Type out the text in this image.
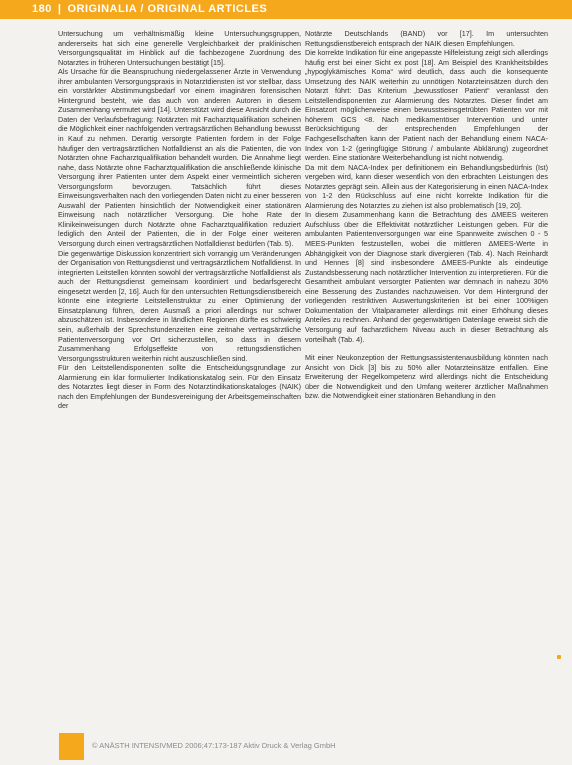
180 | ORIGINALIA / ORIGINAL ARTICLES

Untersuchung um verhältnismäßig kleine Untersuchungsgruppen, andererseits hat sich eine generelle Vergleichbarkeit der praklinischen Versorgungsqualität im Hinblick auf die fachbezogene Zuordnung des Notarztes in früheren Untersuchungen bestätigt [15].

Als Ursache für die Beanspruchung niedergelassener Ärzte in Verwendung ihrer ambulanten Versorgungspraxis in Notarztdiensten ist vor stellbar, dass ein vorstärkter Abstimmungsbedarf vor einem imaginären forensischen Hintergrund besteht, wie das auch von anderen Autoren in diesem Zusammenhang vermutet wird [14]. Unterstützt wird diese Ansicht durch die Daten der Verlaufsbefragung: Notärzten mit Facharztqualifikation scheinen die Möglichkeit einer nachfolgenden vertragsärztlichen Behandlung bewusst in Kauf zu nehmen. Derartig versorgte Patienten fordern in der Folge häufiger den vertragsärztlichen Notfalldienst an als die Patienten, die von Notärzten ohne Facharztqualifikation behandelt wurden. Die Annahme liegt nahe, dass Notärzte ohne Facharztqualifikation die anschließende klinische Versorgung ihrer Patienten unter dem Aspekt einer vermeintlich sicheren Versorgungsform bevorzugen. Tatsächlich führt dieses Einweisungsverhalten nach den vorliegenden Daten nicht zu einer besseren Auswahl der Patienten hinsichtlich der Notwendigkeit einer stationären Einweisung nach notärztlicher Versorgung. Die hohe Rate der Klinikeinweisungen durch Notärzte ohne Facharztqualifikation reduziert lediglich den Anteil der Patienten, die in der Folge einer weiteren Versorgung durch einen vertragsärztlichen Notfalldienst bedürfen (Tab. 5).

Die gegenwärtige Diskussion konzentriert sich vorrangig um Veränderungen der Organisation von Rettungsdienst und vertragsärztlichem Notfalldienst. In integrierten Leitstellen könnten sowohl der vertragsärztliche Notfalldienst als auch der Rettungsdienst gemeinsam koordiniert und bedarfsgerecht eingesetzt werden [2, 16]. Auch für den untersuchten Rettungsdienstbereich könnte eine integrierte Leitstellenstruktur zu einer Optimierung der Einsatzplanung führen, deren Ausmaß a priori allerdings nur schwer abzuschätzen ist. Insbesondere in ländlichen Regionen dürfte es schwierig sein, außerhalb der Sprechstundenzeiten eine zeitnahe vertragsärztliche Patientenversorgung vor Ort sicherzustellen, so dass in diesem Zusammenhang Erfolgseffekte von rettungsdienstlichen Versorgungsstrukturen weiterhin nicht auszuschließen sind.

Für den Leitstellendisponenten sollte die Entscheidungsgrundlage zur Alarmierung ein klar formulierter Indikationskatalog sein. Für den Einsatz des Notarztes liegt dieser in Form des Notarztindikationskataloges (NAIK) nach den Empfehlungen der Bundesvereinigung der Arbeitsgemeinschaften der

Notärzte Deutschlands (BAND) vor [17]. Im untersuchten Rettungsdienstbereich entsprach der NAIK diesen Empfehlungen.

Die korrekte Indikation für eine angepasste Hilfeleistung zeigt sich allerdings häufig erst bei einer Sicht ex post [18]. Am Beispiel des Krankheitsbildes „hypoglykämisches Koma“ wird deutlich, dass auch die konsequente Umsetzung des NAIK weiterhin zu unnötigen Notarzteinsätzen durch den Notarzt führt: Das Kriterium „bewusstloser Patient“ veranlasst den Leitstellendisponenten zur Alarmierung des Notarztes. Dieser findet am Einsatzort möglicherweise einen bewusstseinsgetrübten Patienten vor mit höherem GCS <8. Nach medikamentöser Intervention und unter Berücksichtigung der entsprechenden Empfehlungen der Fachgesellschaften kann der Patient nach der Behandlung einem NACA-Index von 1-2 (geringfügige Störung / ambulante Abklärung) zugeordnet werden. Eine stationäre Weiterbehandlung ist nicht notwendig.

Da mit dem NACA-Index per definitionem ein Behandlungsbedürfnis (Ist) vergeben wird, kann dieser wesentlich von den erbrachten Leistungen des Notarztes geprägt sein. Allein aus der Kategorisierung in einen NACA-Index von 1-2 den Rückschluss auf eine nicht korrekte Indikation für die Alarmierung des Notarztes zu ziehen ist also problematisch [19, 20].

In diesem Zusammenhang kann die Betrachtung des ΔMEES weiteren Aufschluss über die Effektivität notärztlicher Leistungen geben. Für die ambulanten Patientenversorgungen war eine Spannweite zwischen 0 - 5 MEES-Punkten festzustellen, wobei die mittleren ΔMEES-Werte in Abhängigkeit von der Diagnose stark divergieren (Tab. 4). Nach Reinhardt und Hennes [8] sind insbesondere ΔMEES-Punkte als eindeutige Zustandsbesserung nach notärztlicher Intervention zu interpretieren. Für die Gesamtheit ambulant versorgter Patienten war demnach in nahezu 30% eine Besserung des Zustandes nachzuweisen. Vor dem Hintergrund der vorliegenden restriktiven Auswertungskriterien ist bei einer 100%igen Dokumentation der Vitalparameter allerdings mit einer Erhöhung dieses Anteiles zu rechnen. Anhand der gegenwärtigen Datenlage erweist sich die Versorgung auf facharztlichem Niveau auch in dieser Betrachtung als vorteilhaft (Tab. 4).

Mit einer Neukonzeption der Rettungsassistentenausbildung könnten nach Ansicht von Dick [3] bis zu 50% aller Notarzteinsätze entfallen. Eine Erweiterung der Regelkompetenz wird allerdings nicht die Entscheidung über die Notwendigkeit und den Umfang weiterer ärztlicher Maßnahmen bzw. die Notwendigkeit einer stationären Behandlung in den

© ANÄSTH INTENSIVMED 2006;47:173-187 Aktiv Druck & Verlag GmbH
